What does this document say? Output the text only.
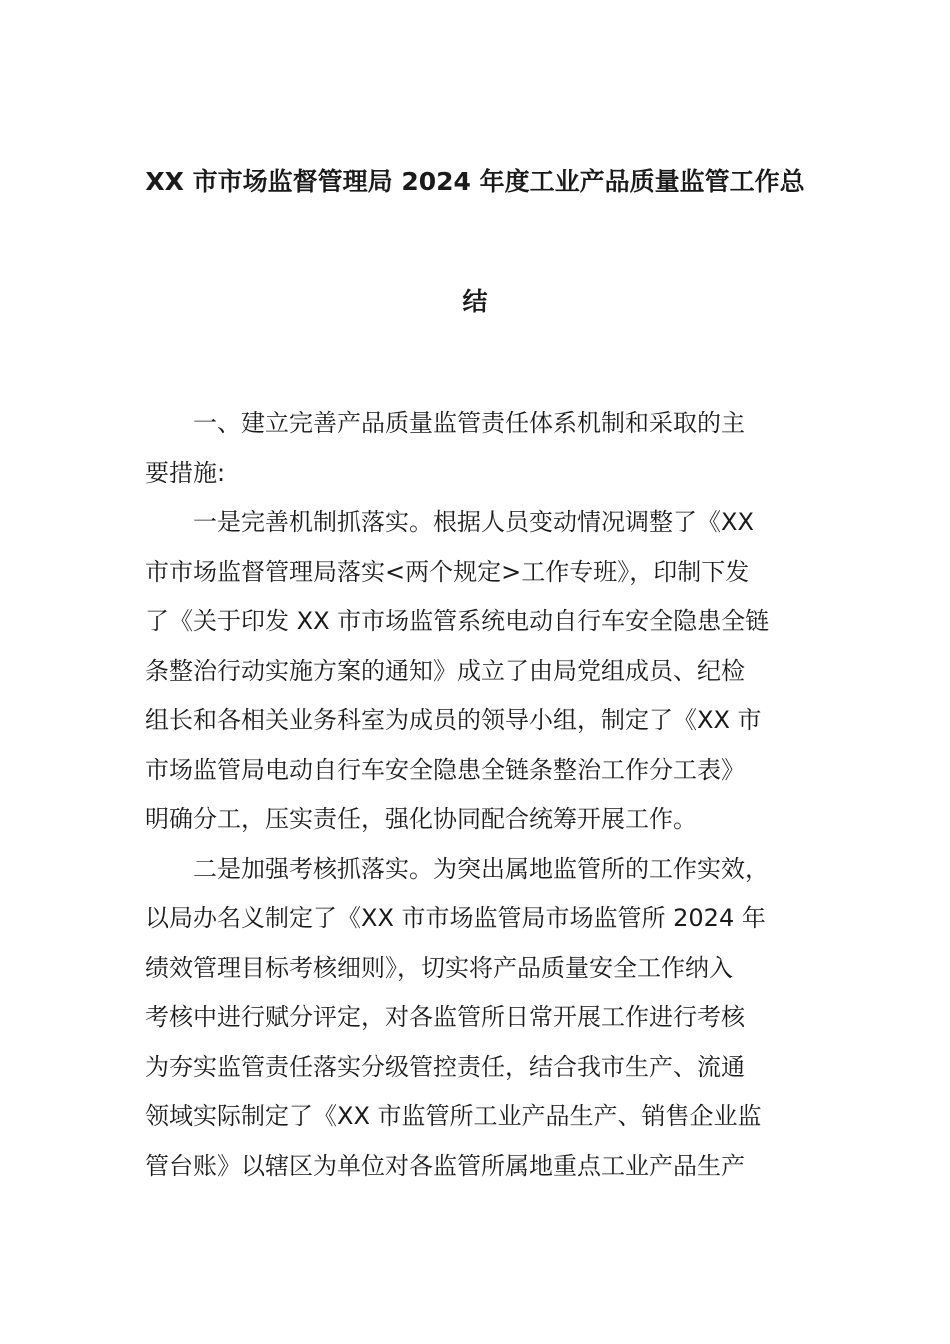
XX 市市场监督管理局 2024 年度工业产品质量监管工作总
结
一、建立完善产品质量监管责任体系机制和采取的主
要措施:
一是完善机制抓落实。根据人员变动情况调整了《XX
市市场监督管理局落实<两个规定>工作专班》，印制下发
了《关于印发 XX 市市场监管系统电动自行车安全隐患全链
条整治行动实施方案的通知》成立了由局党组成员、纪检
组长和各相关业务科室为成员的领导小组，制定了《XX 市
市场监管局电动自行车安全隐患全链条整治工作分工表》
明确分工，压实责任，强化协同配合统筹开展工作。
二是加强考核抓落实。为突出属地监管所的工作实效，
以局办名义制定了《XX 市市场监管局市场监管所 2024 年
绩效管理目标考核细则》，切实将产品质量安全工作纳入
考核中进行赋分评定，对各监管所日常开展工作进行考核
为夯实监管责任落实分级管控责任，结合我市生产、流通
领域实际制定了《XX 市监管所工业产品生产、销售企业监
管台账》以辖区为单位对各监管所属地重点工业产品生产
